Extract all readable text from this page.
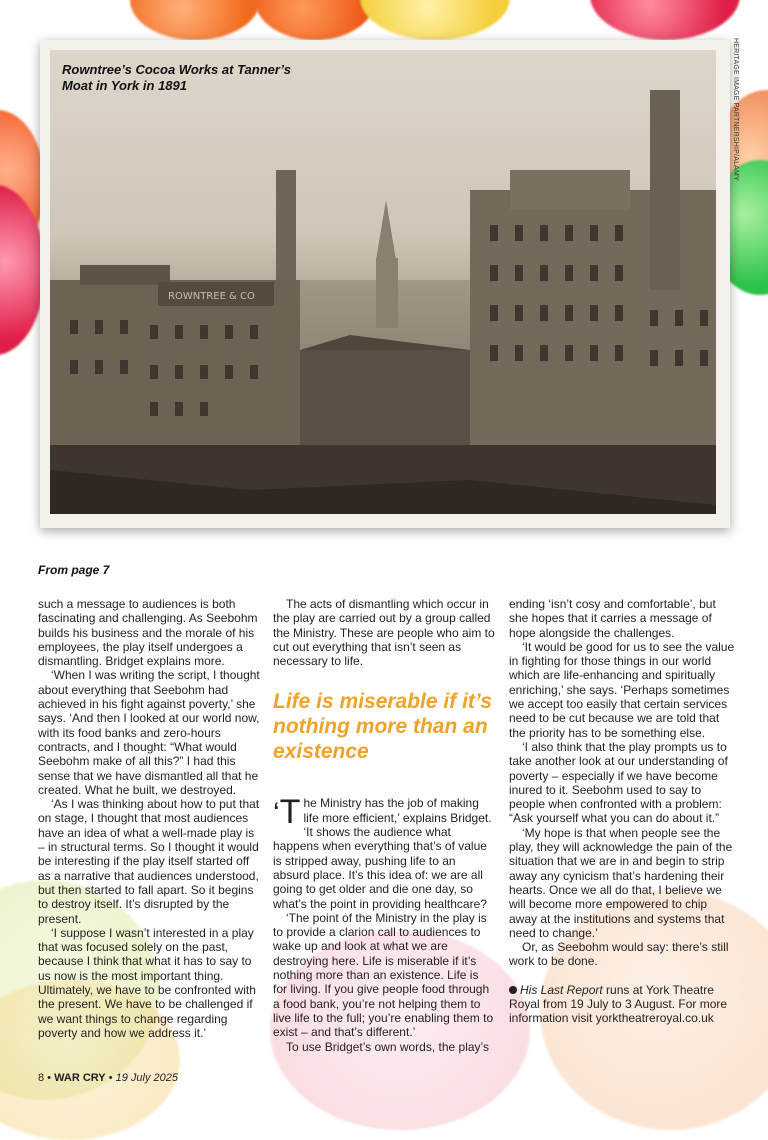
ROWNTREE & CO
Rowntree’s Cocoa Works at Tanner’s Moat in York in 1891	HERITAGE IMAGE PARTNERSHIP/ALAMY
From page 7

such a message to audiences is both fascinating and challenging. As Seebohm builds his business and the morale of his employees, the play itself undergoes a dismantling. Bridget explains more.

‘When I was writing the script, I thought about everything that Seebohm had achieved in his fight against poverty,’ she says. ‘And then I looked at our world now, with its food banks and zero-hours contracts, and I thought: “What would Seebohm make of all this?” I had this sense that we have dismantled all that he created. What he built, we destroyed.

‘As I was thinking about how to put that on stage, I thought that most audiences have an idea of what a well-made play is – in structural terms. So I thought it would be interesting if the play itself started off as a narrative that audiences understood, but then started to fall apart. So it begins to destroy itself. It’s disrupted by the present.

‘I suppose I wasn’t interested in a play that was focused solely on the past, because I think that what it has to say to us now is the most important thing. Ultimately, we have to be confronted with the present. We have to be challenged if we want things to change regarding poverty and how we address it.’

The acts of dismantling which occur in the play are carried out by a group called the Ministry. These are people who aim to cut out everything that isn’t seen as necessary to life.

Life is miserable if it’s nothing more than an existence

‘T he Ministry has the job of making life more efficient,’ explains Bridget. ‘It shows the audience what happens when everything that’s of value is stripped away, pushing life to an absurd place. It’s this idea of: we are all going to get older and die one day, so what’s the point in providing healthcare?

‘The point of the Ministry in the play is to provide a clarion call to audiences to wake up and look at what we are destroying here. Life is miserable if it’s nothing more than an existence. Life is for living. If you give people food through a food bank, you’re not helping them to live life to the full; you’re enabling them to exist – and that’s different.’

To use Bridget’s own words, the play’s

ending ‘isn’t cosy and comfortable’, but she hopes that it carries a message of hope alongside the challenges.

‘It would be good for us to see the value in fighting for those things in our world which are life-enhancing and spiritually enriching,’ she says. ‘Perhaps sometimes we accept too easily that certain services need to be cut because we are told that the priority has to be something else.

‘I also think that the play prompts us to take another look at our understanding of poverty – especially if we have become inured to it. Seebohm used to say to people when confronted with a problem: “Ask yourself what you can do about it.”

‘My hope is that when people see the play, they will acknowledge the pain of the situation that we are in and begin to strip away any cynicism that’s hardening their hearts. Once we all do that, I believe we will become more empowered to chip away at the institutions and systems that need to change.’

Or, as Seebohm would say: there’s still work to be done.

His Last Report runs at York Theatre Royal from 19 July to 3 August. For more information visit yorktheatreroyal.co.uk

8 • WAR CRY • 19 July 2025
